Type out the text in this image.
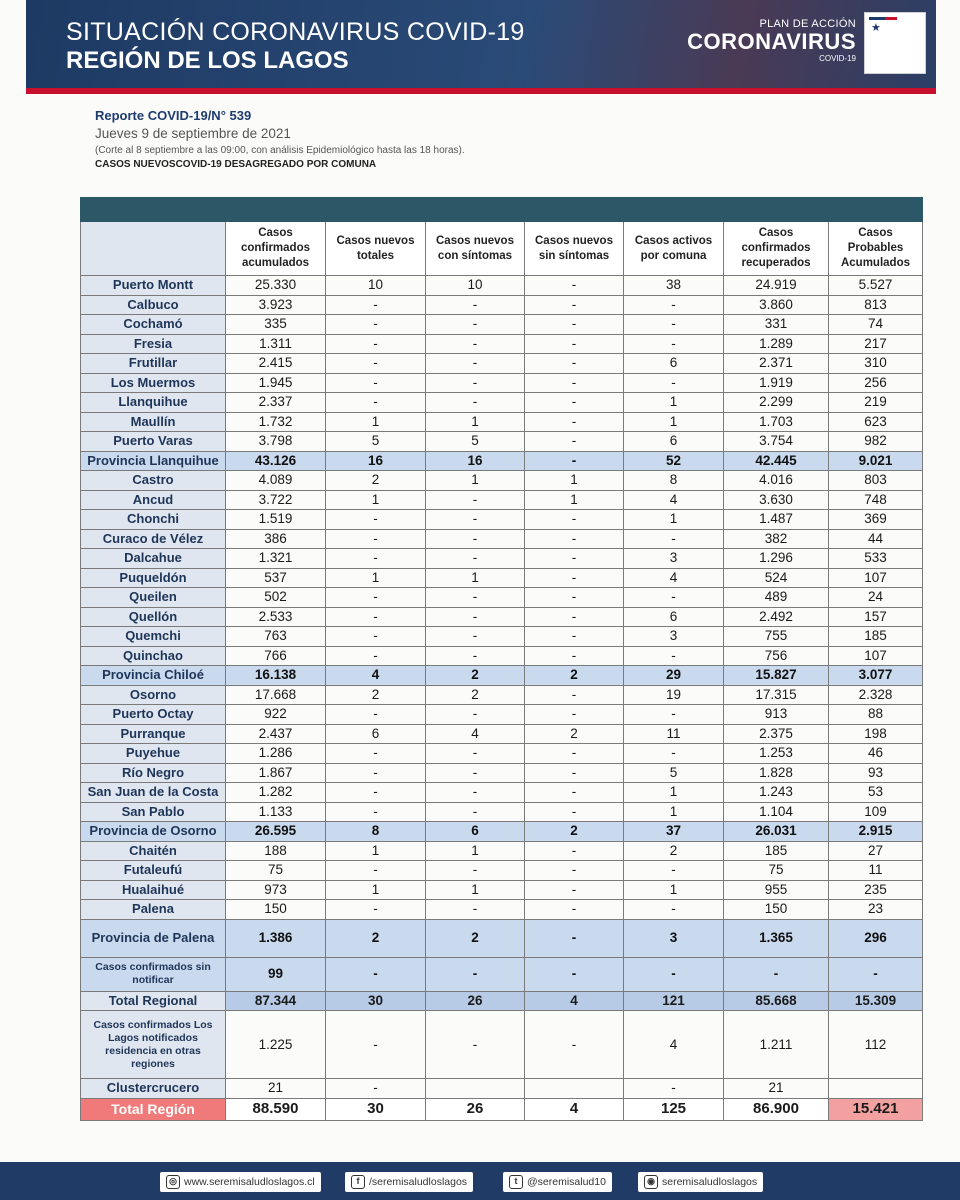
SITUACIÓN CORONAVIRUS COVID-19
REGIÓN DE LOS LAGOS
PLAN DE ACCIÓN
CORONAVIRUS
COVID-19
★
Reporte COVID-19/N° 539
Jueves 9 de septiembre de 2021
(Corte al 8 septiembre a las 09:00, con análisis Epidemiológico hasta las 18 horas).
CASOS NUEVOSCOVID-19 DESAGREGADO POR COMUNA

	Casos confirmados acumulados	Casos nuevos totales	Casos nuevos con síntomas	Casos nuevos sin síntomas	Casos activos por comuna	Casos confirmados recuperados	Casos Probables Acumulados
Puerto Montt	25.330	10	10	-	38	24.919	5.527
Calbuco	3.923	-	-	-	-	3.860	813
Cochamó	335	-	-	-	-	331	74
Fresia	1.311	-	-	-	-	1.289	217
Frutillar	2.415	-	-	-	6	2.371	310
Los Muermos	1.945	-	-	-	-	1.919	256
Llanquihue	2.337	-	-	-	1	2.299	219
Maullín	1.732	1	1	-	1	1.703	623
Puerto Varas	3.798	5	5	-	6	3.754	982
Provincia Llanquihue	43.126	16	16	-	52	42.445	9.021
Castro	4.089	2	1	1	8	4.016	803
Ancud	3.722	1	-	1	4	3.630	748
Chonchi	1.519	-	-	-	1	1.487	369
Curaco de Vélez	386	-	-	-	-	382	44
Dalcahue	1.321	-	-	-	3	1.296	533
Puqueldón	537	1	1	-	4	524	107
Queilen	502	-	-	-	-	489	24
Quellón	2.533	-	-	-	6	2.492	157
Quemchi	763	-	-	-	3	755	185
Quinchao	766	-	-	-	-	756	107
Provincia Chiloé	16.138	4	2	2	29	15.827	3.077
Osorno	17.668	2	2	-	19	17.315	2.328
Puerto Octay	922	-	-	-	-	913	88
Purranque	2.437	6	4	2	11	2.375	198
Puyehue	1.286	-	-	-	-	1.253	46
Río Negro	1.867	-	-	-	5	1.828	93
San Juan de la Costa	1.282	-	-	-	1	1.243	53
San Pablo	1.133	-	-	-	1	1.104	109
Provincia de Osorno	26.595	8	6	2	37	26.031	2.915
Chaitén	188	1	1	-	2	185	27
Futaleufú	75	-	-	-	-	75	11
Hualaihué	973	1	1	-	1	955	235
Palena	150	-	-	-	-	150	23
Provincia de Palena	1.386	2	2	-	3	1.365	296
Casos confirmados sin notificar	99	-	-	-	-	-	-
Total Regional	87.344	30	26	4	121	85.668	15.309
Casos confirmados Los Lagos notificados residencia en otras regiones	1.225	-	-	-	4	1.211	112
Clustercrucero	21	-			-	21	
Total Región	88.590	30	26	4	125	86.900	15.421
◎ www.seremisaludloslagos.cl	f /seremisaludloslagos	t @seremisalud10	◉ seremisaludloslagos
